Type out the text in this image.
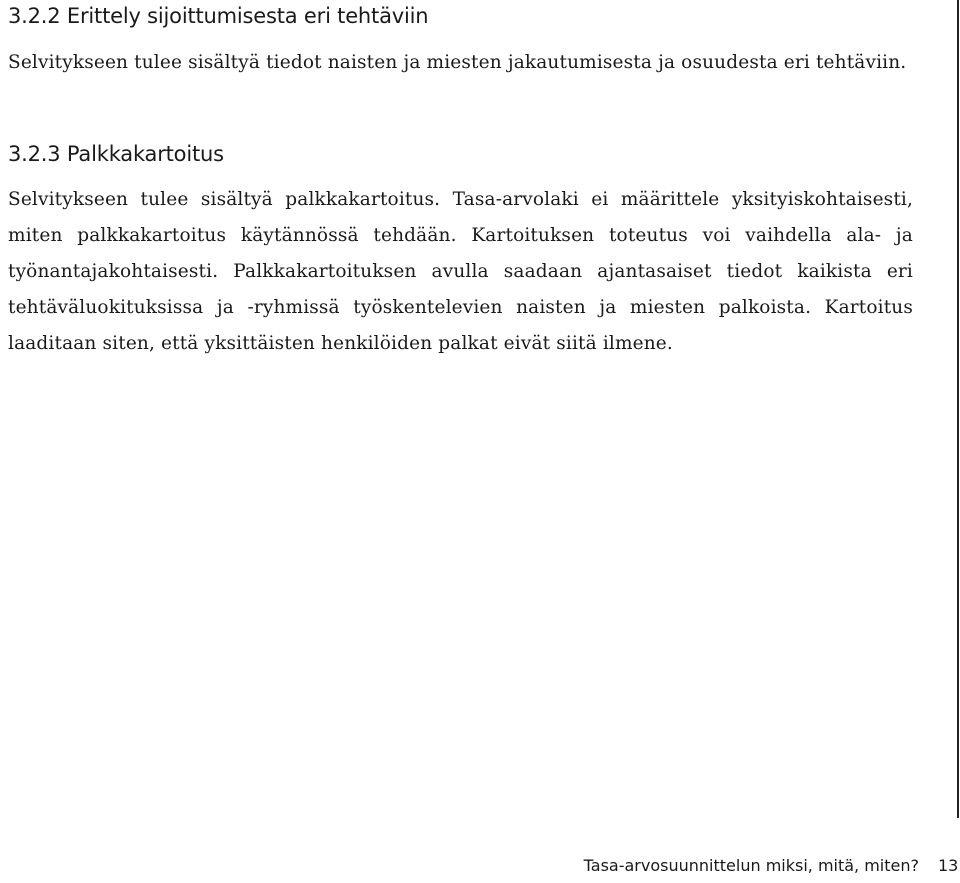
3.2.2 Erittely sijoittumisesta eri tehtäviin

Selvitykseen tulee sisältyä tiedot naisten ja miesten jakautumisesta ja osuudesta eri tehtäviin.

3.2.3 Palkkakartoitus

Selvitykseen tulee sisältyä palkkakartoitus. Tasa-arvolaki ei määrittele yksityiskohtaisesti, miten palkkakartoitus käytännössä tehdään. Kartoituksen toteutus voi vaihdella ala- ja työnantajakohtaisesti. Palkkakartoituksen avulla saadaan ajantasaiset tiedot kaikista eri tehtäväluokituksissa ja -ryhmissä työskentelevien naisten ja miesten palkoista. Kartoitus laaditaan siten, että yksittäisten henkilöiden palkat eivät siitä ilmene.

Tasa-arvosuunnittelun miksi, mitä, miten? 13
